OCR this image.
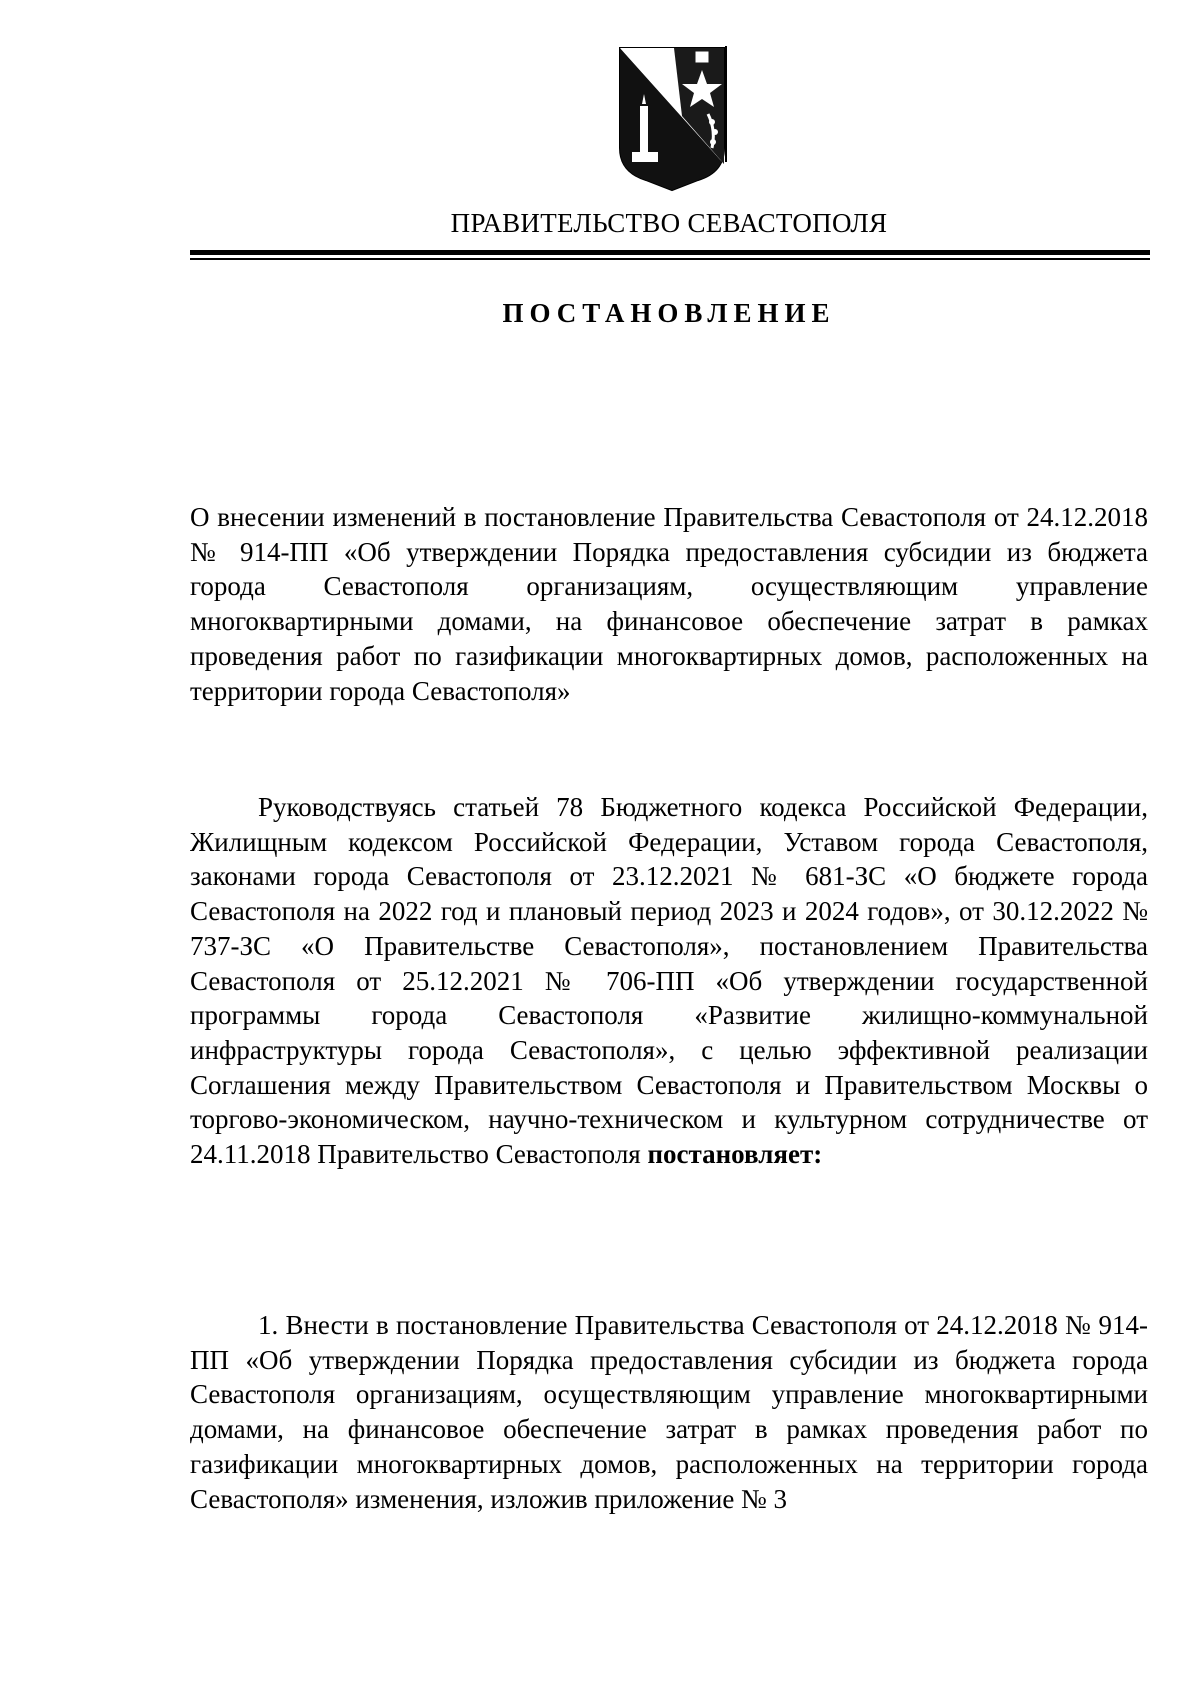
ПРАВИТЕЛЬСТВО СЕВАСТОПОЛЯ
ПОСТАНОВЛЕНИЕ
О внесении изменений в постановление Правительства Севастополя от 24.12.2018 № 914-ПП «Об утверждении Порядка предоставления субсидии из бюджета города Севастополя организациям, осуществляющим управление многоквартирными домами, на финансовое обеспечение затрат в рамках проведения работ по газификации многоквартирных домов, расположенных на территории города Севастополя»
Руководствуясь статьей 78 Бюджетного кодекса Российской Федерации, Жилищным кодексом Российской Федерации, Уставом города Севастополя, законами города Севастополя от 23.12.2021 № 681-ЗС «О бюджете города Севастополя на 2022 год и плановый период 2023 и 2024 годов», от 30.12.2022 № 737-ЗС «О Правительстве Севастополя», постановлением Правительства Севастополя от 25.12.2021 № 706-ПП «Об утверждении государственной программы города Севастополя «Развитие жилищно-коммунальной инфраструктуры города Севастополя», с целью эффективной реализации Соглашения между Правительством Севастополя и Правительством Москвы о торгово-экономическом, научно-техническом и культурном сотрудничестве от 24.11.2018 Правительство Севастополя постановляет:
1. Внести в постановление Правительства Севастополя от 24.12.2018 № 914-ПП «Об утверждении Порядка предоставления субсидии из бюджета города Севастополя организациям, осуществляющим управление многоквартирными домами, на финансовое обеспечение затрат в рамках проведения работ по газификации многоквартирных домов, расположенных на территории города Севастополя» изменения, изложив приложение № 3
